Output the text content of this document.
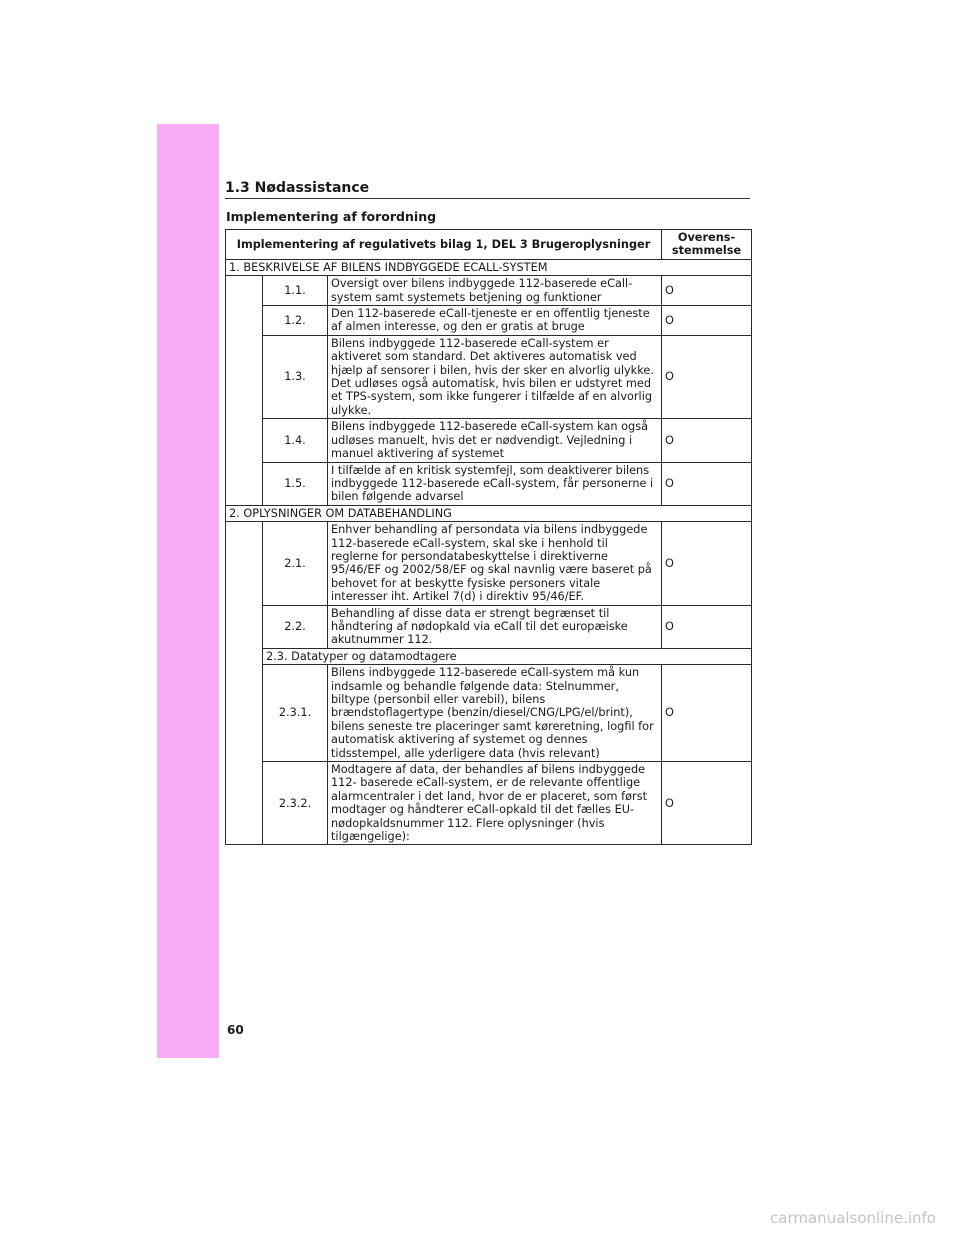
1.3 Nødassistance
Implementering af forordning
Implementering af regulativets bilag 1, DEL 3 Brugeroplysninger			Overens-stemmelse
1. BESKRIVELSE AF BILENS INDBYGGEDE ECALL-SYSTEM			
	1.1.	Oversigt over bilens indbyggede 112-baserede eCall-system samt systemets betjening og funktioner	O
	1.2.	Den 112-baserede eCall-tjeneste er en offentlig tjeneste af almen interesse, og den er gratis at bruge	O
	1.3.	Bilens indbyggede 112-baserede eCall-system er aktiveret som standard. Det aktiveres automatisk ved hjælp af sensorer i bilen, hvis der sker en alvorlig ulykke. Det udløses også automatisk, hvis bilen er udstyret med et TPS-system, som ikke fungerer i tilfælde af en alvorlig ulykke.	O
	1.4.	Bilens indbyggede 112-baserede eCall-system kan også udløses manuelt, hvis det er nødvendigt. Vejledning i manuel aktivering af systemet	O
	1.5.	I tilfælde af en kritisk systemfejl, som deaktiverer bilens indbyggede 112-baserede eCall-system, får personerne i bilen følgende advarsel	O
2. OPLYSNINGER OM DATABEHANDLING			
	2.1.	Enhver behandling af persondata via bilens indbyggede 112-baserede eCall-system, skal ske i henhold til reglerne for persondatabeskyttelse i direktiverne 95/46/EF og 2002/58/EF og skal navnlig være baseret på behovet for at beskytte fysiske personers vitale interesser iht. Artikel 7(d) i direktiv 95/46/EF.	O
	2.2.	Behandling af disse data er strengt begrænset til håndtering af nødopkald via eCall til det europæiske akutnummer 112.	O
	2.3. Datatyper og datamodtagere		
	2.3.1.	Bilens indbyggede 112-baserede eCall-system må kun indsamle og behandle følgende data: Stelnummer, biltype (personbil eller varebil), bilens brændstoflagertype (benzin/diesel/CNG/LPG/el/brint), bilens seneste tre placeringer samt køreretning, logfil for automatisk aktivering af systemet og dennes tidsstempel, alle yderligere data (hvis relevant)	O
	2.3.2.	Modtagere af data, der behandles af bilens indbyggede 112- baserede eCall-system, er de relevante offentlige alarmcentraler i det land, hvor de er placeret, som først modtager og håndterer eCall-opkald til det fælles EU-nødopkaldsnummer 112. Flere oplysninger (hvis tilgængelige):	O
60
carmanualsonline.info
